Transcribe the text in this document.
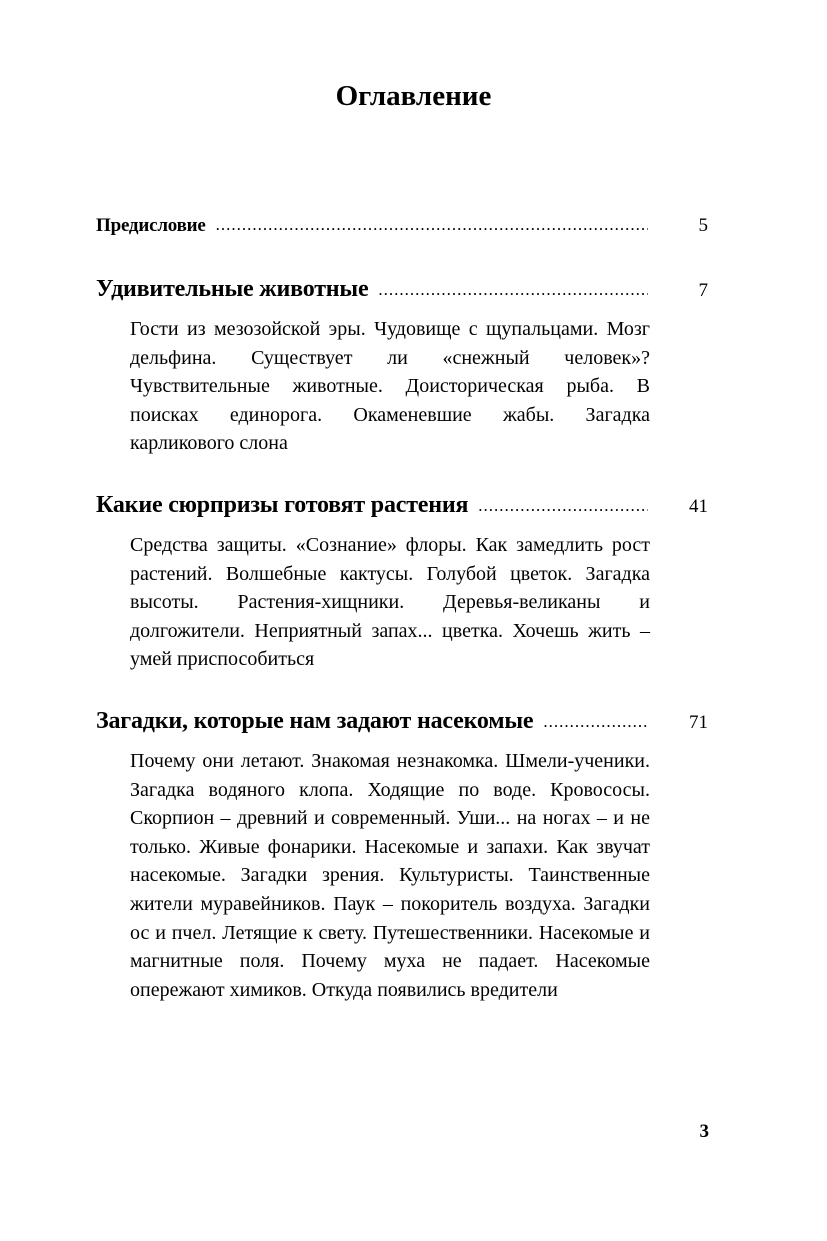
Оглавление
Предисловие .....	5
Удивительные животные .....	7
Гости из мезозойской эры. Чудовище с щупальцами. Мозг дельфина. Существует ли «снежный человек»? Чувствительные животные. Доисторическая рыба. В поисках единорога. Окаменевшие жабы. Загадка карликового слона
Какие сюрпризы готовят растения .....	41
Средства защиты. «Сознание» флоры. Как замедлить рост растений. Волшебные кактусы. Голубой цветок. Загадка высоты. Растения-хищники. Деревья-великаны и долгожители. Неприятный запах... цветка. Хочешь жить – умей приспособиться
Загадки, которые нам задают насекомые .....	71
Почему они летают. Знакомая незнакомка. Шмели-ученики. Загадка водяного клопа. Ходящие по воде. Кровососы. Скорпион – древний и современный. Уши... на ногах – и не только. Живые фонарики. Насекомые и запахи. Как звучат насекомые. Загадки зрения. Культуристы. Таинственные жители муравейников. Паук – покоритель воздуха. Загадки ос и пчел. Летящие к свету. Путешественники. Насекомые и магнитные поля. Почему муха не падает. Насекомые опережают химиков. Откуда появились вредители
3
